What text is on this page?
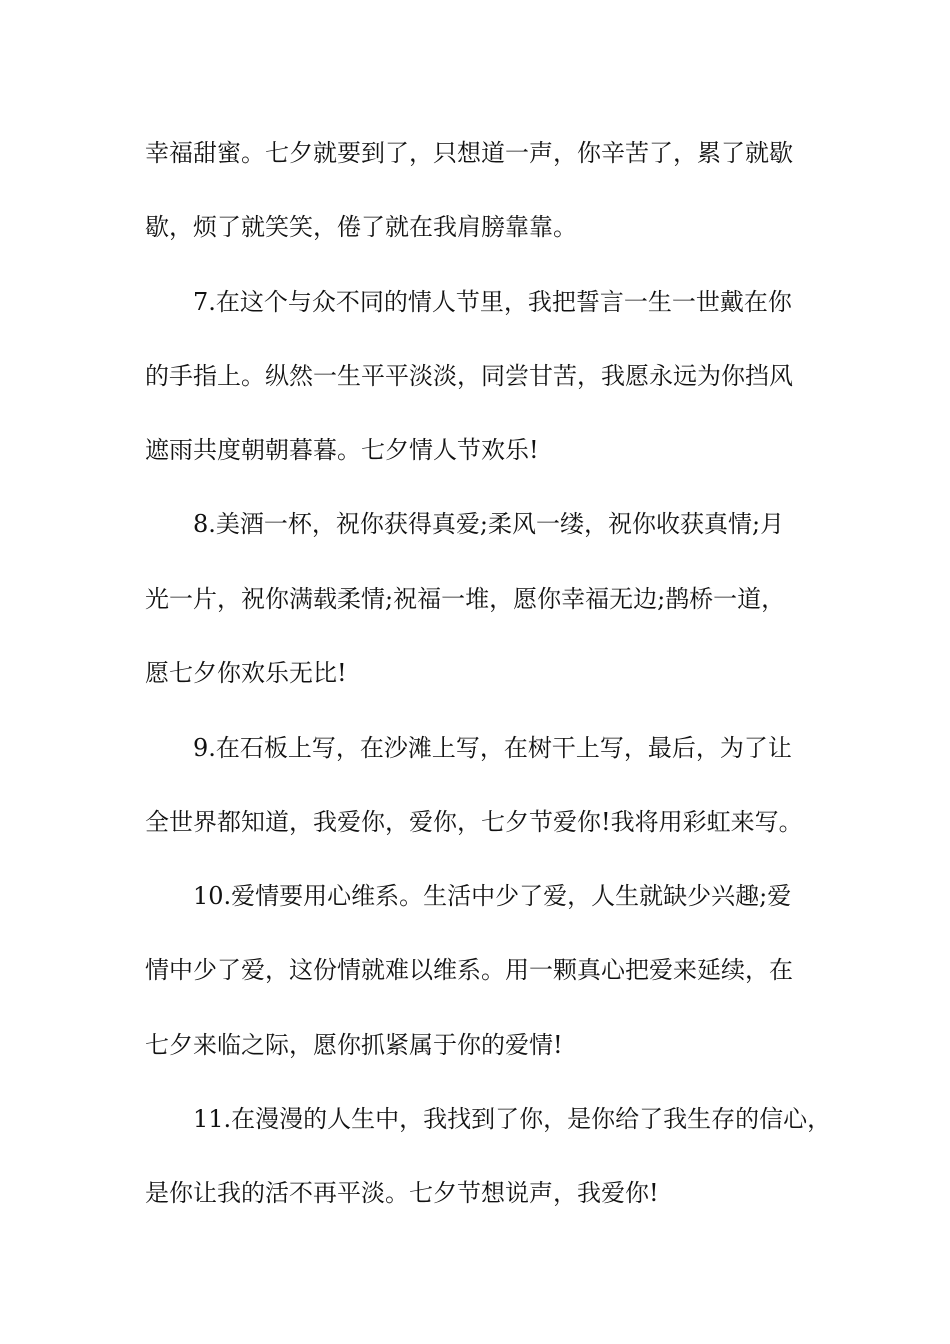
幸福甜蜜。七夕就要到了，只想道一声，你辛苦了，累了就歇
歇，烦了就笑笑，倦了就在我肩膀靠靠。
7.在这个与众不同的情人节里，我把誓言一生一世戴在你
的手指上。纵然一生平平淡淡，同尝甘苦，我愿永远为你挡风
遮雨共度朝朝暮暮。七夕情人节欢乐!
8.美酒一杯，祝你获得真爱;柔风一缕，祝你收获真情;月
光一片，祝你满载柔情;祝福一堆，愿你幸福无边;鹊桥一道，
愿七夕你欢乐无比!
9.在石板上写，在沙滩上写，在树干上写，最后，为了让
全世界都知道，我爱你，爱你，七夕节爱你!我将用彩虹来写。
10.爱情要用心维系。生活中少了爱，人生就缺少兴趣;爱
情中少了爱，这份情就难以维系。用一颗真心把爱来延续，在
七夕来临之际，愿你抓紧属于你的爱情!
11.在漫漫的人生中，我找到了你，是你给了我生存的信心，
是你让我的活不再平淡。七夕节想说声，我爱你!
